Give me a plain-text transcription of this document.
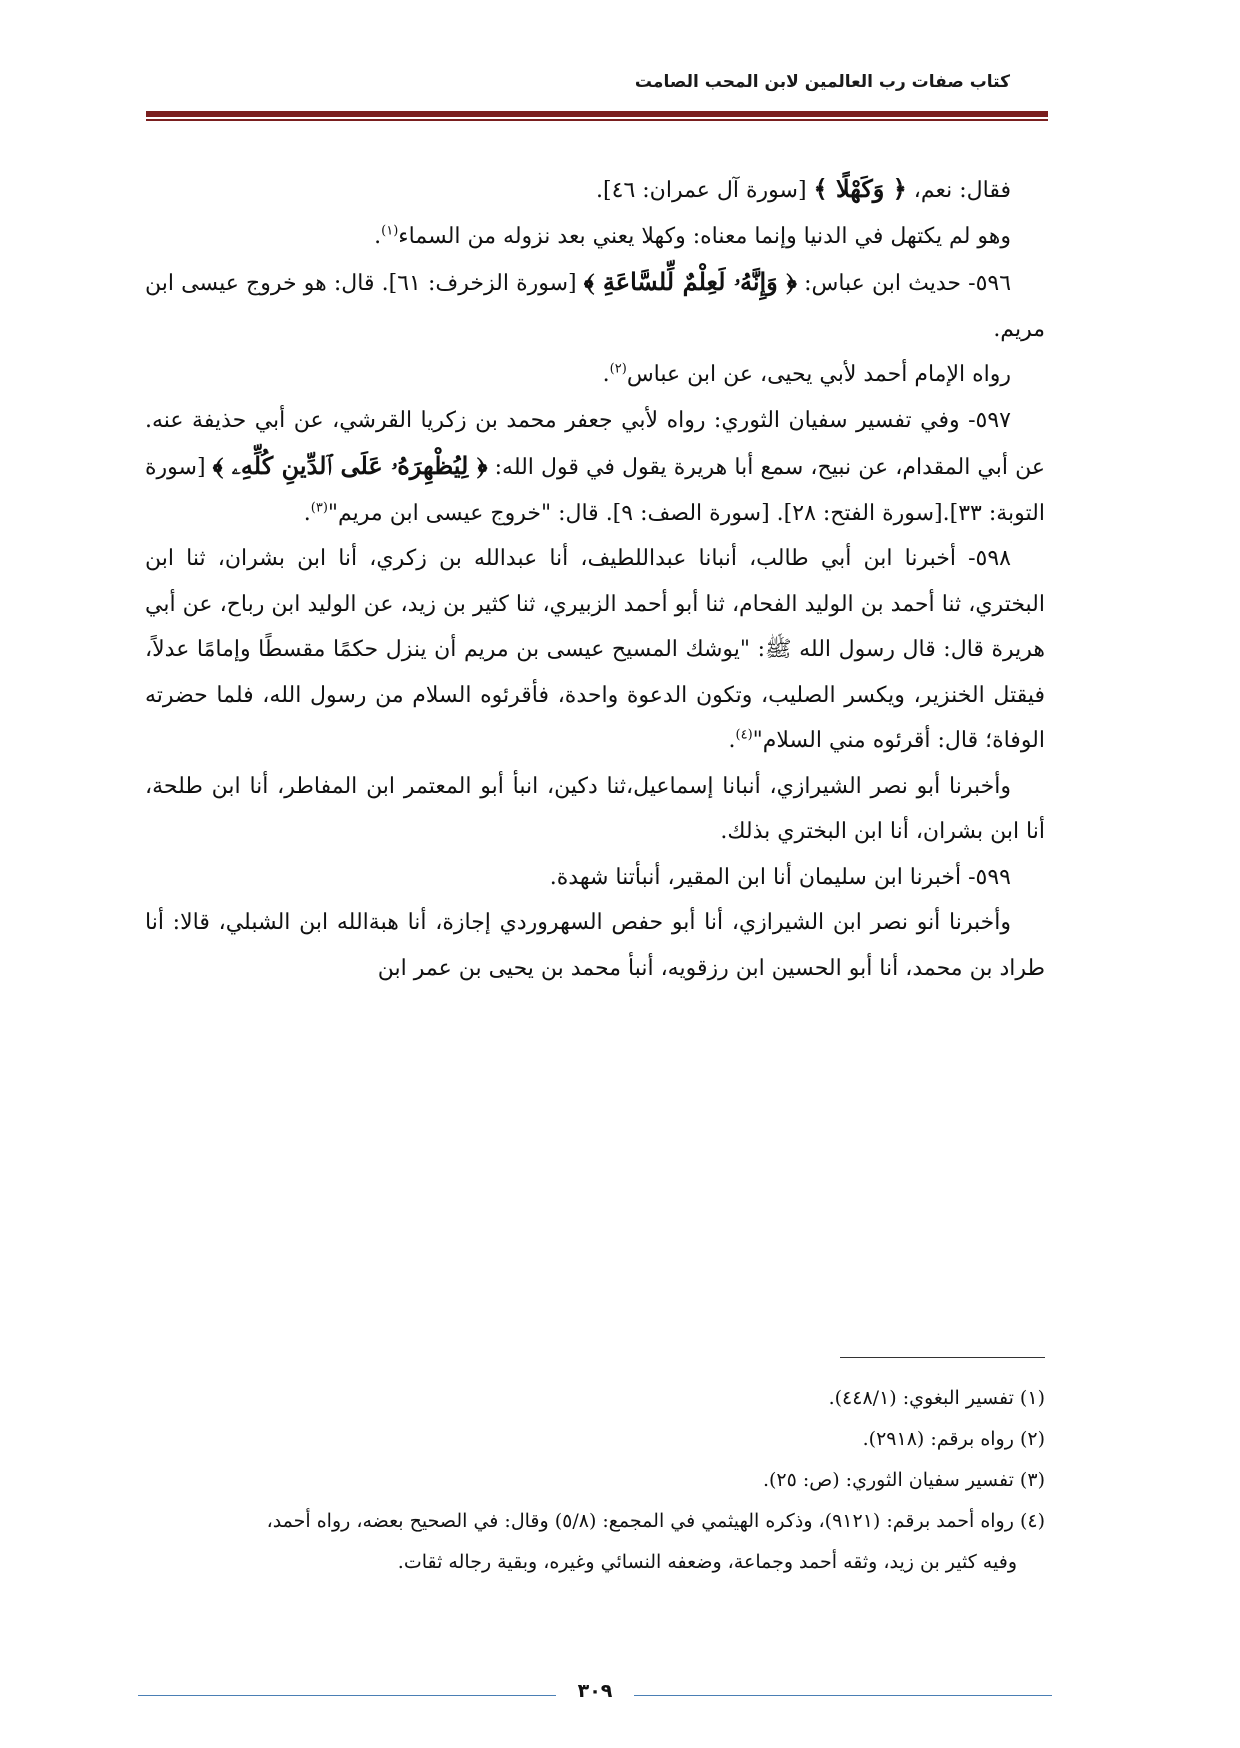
كتاب صفات رب العالمين لابن المحب الصامت

فقال: نعم، ﴿ وَكَهْلًا ﴾ [سورة آل عمران: ٤٦].

وهو لم يكتهل في الدنيا وإنما معناه: وكهلا يعني بعد نزوله من السماء$^{(١)}$.

٥٩٦- حديث ابن عباس: ﴿ وَإِنَّهُۥ لَعِلْمٌ لِّلسَّاعَةِ ﴾ [سورة الزخرف: ٦١]. قال: هو خروج عيسى ابن مريم.

رواه الإمام أحمد لأبي يحيى، عن ابن عباس$^{(٢)}$.

٥٩٧- وفي تفسير سفيان الثوري: رواه لأبي جعفر محمد بن زكريا القرشي، عن أبي حذيفة عنه. عن أبي المقدام، عن نبيح، سمع أبا هريرة يقول في قول الله: ﴿ لِيُظْهِرَهُۥ عَلَى ٱلدِّينِ كُلِّهِۦ ﴾ [سورة التوبة: ٣٣].[سورة الفتح: ٢٨]. [سورة الصف: ٩]. قال: "خروج عيسى ابن مريم"$^{(٣)}$.

٥٩٨- أخبرنا ابن أبي طالب، أنبانا عبداللطيف، أنا عبدالله بن زكري، أنا ابن بشران، ثنا ابن البختري، ثنا أحمد بن الوليد الفحام، ثنا أبو أحمد الزبيري، ثنا كثير بن زيد، عن الوليد ابن رباح، عن أبي هريرة قال: قال رسول الله ﷺ: "يوشك المسيح عيسى بن مريم أن ينزل حكمًا مقسطًا وإمامًا عدلاً، فيقتل الخنزير، ويكسر الصليب، وتكون الدعوة واحدة، فأقرئوه السلام من رسول الله، فلما حضرته الوفاة؛ قال: أقرئوه مني السلام"$^{(٤)}$.

وأخبرنا أبو نصر الشيرازي، أنبانا إسماعيل،ثنا دكين، انبأ أبو المعتمر ابن المفاطر، أنا ابن طلحة، أنا ابن بشران، أنا ابن البختري بذلك.

٥٩٩- أخبرنا ابن سليمان أنا ابن المقير، أنبأتنا شهدة.

وأخبرنا أنو نصر ابن الشيرازي، أنا أبو حفص السهروردي إجازة، أنا هبةالله ابن الشبلي، قالا: أنا طراد بن محمد، أنا أبو الحسين ابن رزقويه، أنبأ محمد بن يحيى بن عمر ابن

(١) تفسير البغوي: (٤٤٨/١).

(٢) رواه برقم: (٢٩١٨).

(٣) تفسير سفيان الثوري: (ص: ٢٥).

(٤) رواه أحمد برقم: (٩١٢١)، وذكره الهيثمي في المجمع: (٥/٨) وقال: في الصحيح بعضه، رواه أحمد،

وفيه كثير بن زيد، وثقه أحمد وجماعة، وضعفه النسائي وغيره، وبقية رجاله ثقات.

٣٠٩
